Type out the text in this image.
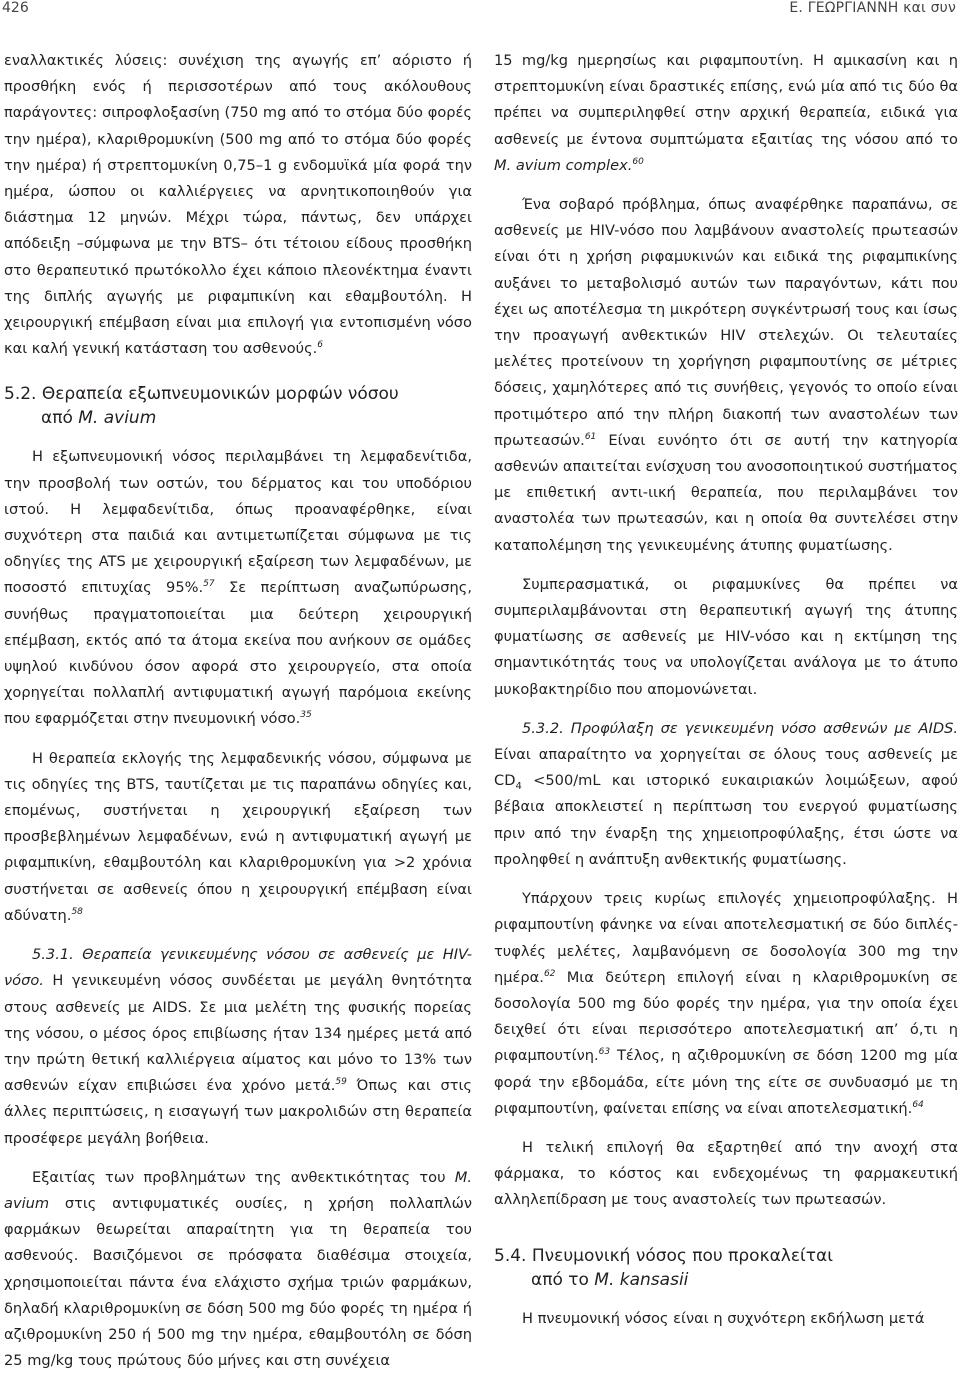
426	Ε. ΓΕΩΡΓΙΑΝΝΗ και συν

εναλλακτικές λύσεις: συνέχιση της αγωγής επ’ αόριστο ή προσθήκη ενός ή περισσοτέρων από τους ακόλουθους παράγοντες: σιπροφλοξασίνη (750 mg από το στόμα δύο φορές την ημέρα), κλαριθρομυκίνη (500 mg από το στόμα δύο φορές την ημέρα) ή στρεπτομυκίνη 0,75–1 g ενδομυϊκά μία φορά την ημέρα, ώσπου οι καλλιέργειες να αρνητικοποιηθούν για διάστημα 12 μηνών. Μέχρι τώρα, πάντως, δεν υπάρχει απόδειξη –σύμφωνα με την BTS– ότι τέτοιου είδους προσθήκη στο θεραπευτικό πρωτόκολλο έχει κάποιο πλεονέκτημα έναντι της διπλής αγωγής με ριφαμπικίνη και εθαμβουτόλη. Η χειρουργική επέμβαση είναι μια επιλογή για εντοπισμένη νόσο και καλή γενική κατάσταση του ασθενούς.$^6$

5.2. Θεραπεία εξωπνευμονικών μορφών νόσου
από M. avium

Η εξωπνευμονική νόσος περιλαμβάνει τη λεμφαδενίτιδα, την προσβολή των οστών, του δέρματος και του υποδόριου ιστού. Η λεμφαδενίτιδα, όπως προαναφέρθηκε, είναι συχνότερη στα παιδιά και αντιμετωπίζεται σύμφωνα με τις οδηγίες της ATS με χειρουργική εξαίρεση των λεμφαδένων, με ποσοστό επιτυχίας 95%.$^{57}$ Σε περίπτωση αναζωπύρωσης, συνήθως πραγματοποιείται μια δεύτερη χειρουργική επέμβαση, εκτός από τα άτομα εκείνα που ανήκουν σε ομάδες υψηλού κινδύνου όσον αφορά στο χειρουργείο, στα οποία χορηγείται πολλαπλή αντιφυματική αγωγή παρόμοια εκείνης που εφαρμόζεται στην πνευμονική νόσο.$^{35}$

Η θεραπεία εκλογής της λεμφαδενικής νόσου, σύμφωνα με τις οδηγίες της BTS, ταυτίζεται με τις παραπάνω οδηγίες και, επομένως, συστήνεται η χειρουργική εξαίρεση των προσβεβλημένων λεμφαδένων, ενώ η αντιφυματική αγωγή με ριφαμπικίνη, εθαμβουτόλη και κλαριθρομυκίνη για >2 χρόνια συστήνεται σε ασθενείς όπου η χειρουργική επέμβαση είναι αδύνατη.$^{58}$

5.3.1. Θεραπεία γενικευμένης νόσου σε ασθενείς με HIV-νόσο. Η γενικευμένη νόσος συνδέεται με μεγάλη θνητότητα στους ασθενείς με AIDS. Σε μια μελέτη της φυσικής πορείας της νόσου, ο μέσος όρος επιβίωσης ήταν 134 ημέρες μετά από την πρώτη θετική καλλιέργεια αίματος και μόνο το 13% των ασθενών είχαν επιβιώσει ένα χρόνο μετά.$^{59}$ Όπως και στις άλλες περιπτώσεις, η εισαγωγή των μακρολιδών στη θεραπεία προσέφερε μεγάλη βοήθεια.

Εξαιτίας των προβλημάτων της ανθεκτικότητας του M. avium στις αντιφυματικές ουσίες, η χρήση πολλαπλών φαρμάκων θεωρείται απαραίτητη για τη θεραπεία του ασθενούς. Βασιζόμενοι σε πρόσφατα διαθέσιμα στοιχεία, χρησιμοποιείται πάντα ένα ελάχιστο σχήμα τριών φαρμάκων, δηλαδή κλαριθρομυκίνη σε δόση 500 mg δύο φορές τη ημέρα ή αζιθρομυκίνη 250 ή 500 mg την ημέρα, εθαμβουτόλη σε δόση 25 mg/kg τους πρώτους δύο μήνες και στη συνέχεια

15 mg/kg ημερησίως και ριφαμπουτίνη. Η αμικασίνη και η στρεπτομυκίνη είναι δραστικές επίσης, ενώ μία από τις δύο θα πρέπει να συμπεριληφθεί στην αρχική θεραπεία, ειδικά για ασθενείς με έντονα συμπτώματα εξαιτίας της νόσου από το M. avium complex.$^{60}$

Ένα σοβαρό πρόβλημα, όπως αναφέρθηκε παραπάνω, σε ασθενείς με HIV-νόσο που λαμβάνουν αναστολείς πρωτεασών είναι ότι η χρήση ριφαμυκινών και ειδικά της ριφαμπικίνης αυξάνει το μεταβολισμό αυτών των παραγόντων, κάτι που έχει ως αποτέλεσμα τη μικρότερη συγκέντρωσή τους και ίσως την προαγωγή ανθεκτικών HIV στελεχών. Οι τελευταίες μελέτες προτείνουν τη χορήγηση ριφαμπουτίνης σε μέτριες δόσεις, χαμηλότερες από τις συνήθεις, γεγονός το οποίο είναι προτιμότερο από την πλήρη διακοπή των αναστολέων των πρωτεασών.$^{61}$ Είναι ευνόητο ότι σε αυτή την κατηγορία ασθενών απαιτείται ενίσχυση του ανοσοποιητικού συστήματος με επιθετική αντι-ιική θεραπεία, που περιλαμβάνει τον αναστολέα των πρωτεασών, και η οποία θα συντελέσει στην καταπολέμηση της γενικευμένης άτυπης φυματίωσης.

Συμπερασματικά, οι ριφαμυκίνες θα πρέπει να συμπεριλαμβάνονται στη θεραπευτική αγωγή της άτυπης φυματίωσης σε ασθενείς με HIV-νόσο και η εκτίμηση της σημαντικότητάς τους να υπολογίζεται ανάλογα με το άτυπο μυκοβακτηρίδιο που απομονώνεται.

5.3.2. Προφύλαξη σε γενικευμένη νόσο ασθενών με AIDS. Είναι απαραίτητο να χορηγείται σε όλους τους ασθενείς με $CD_4 <500/mL$ και ιστορικό ευκαιριακών λοιμώξεων, αφού βέβαια αποκλειστεί η περίπτωση του ενεργού φυματίωσης πριν από την έναρξη της χημειοπροφύλαξης, έτσι ώστε να προληφθεί η ανάπτυξη ανθεκτικής φυματίωσης.

Υπάρχουν τρεις κυρίως επιλογές χημειοπροφύλαξης. Η ριφαμπουτίνη φάνηκε να είναι αποτελεσματική σε δύο διπλές-τυφλές μελέτες, λαμβανόμενη σε δοσολογία 300 mg την ημέρα.$^{62}$ Μια δεύτερη επιλογή είναι η κλαριθρομυκίνη σε δοσολογία 500 mg δύο φορές την ημέρα, για την οποία έχει δειχθεί ότι είναι περισσότερο αποτελεσματική απ’ ό,τι η ριφαμπουτίνη.$^{63}$ Τέλος, η αζιθρομυκίνη σε δόση 1200 mg μία φορά την εβδομάδα, είτε μόνη της είτε σε συνδυασμό με τη ριφαμπουτίνη, φαίνεται επίσης να είναι αποτελεσματική.$^{64}$

Η τελική επιλογή θα εξαρτηθεί από την ανοχή στα φάρμακα, το κόστος και ενδεχομένως τη φαρμακευτική αλληλεπίδραση με τους αναστολείς των πρωτεασών.

5.4. Πνευμονική νόσος που προκαλείται
από το M. kansasii

Η πνευμονική νόσος είναι η συχνότερη εκδήλωση μετά
